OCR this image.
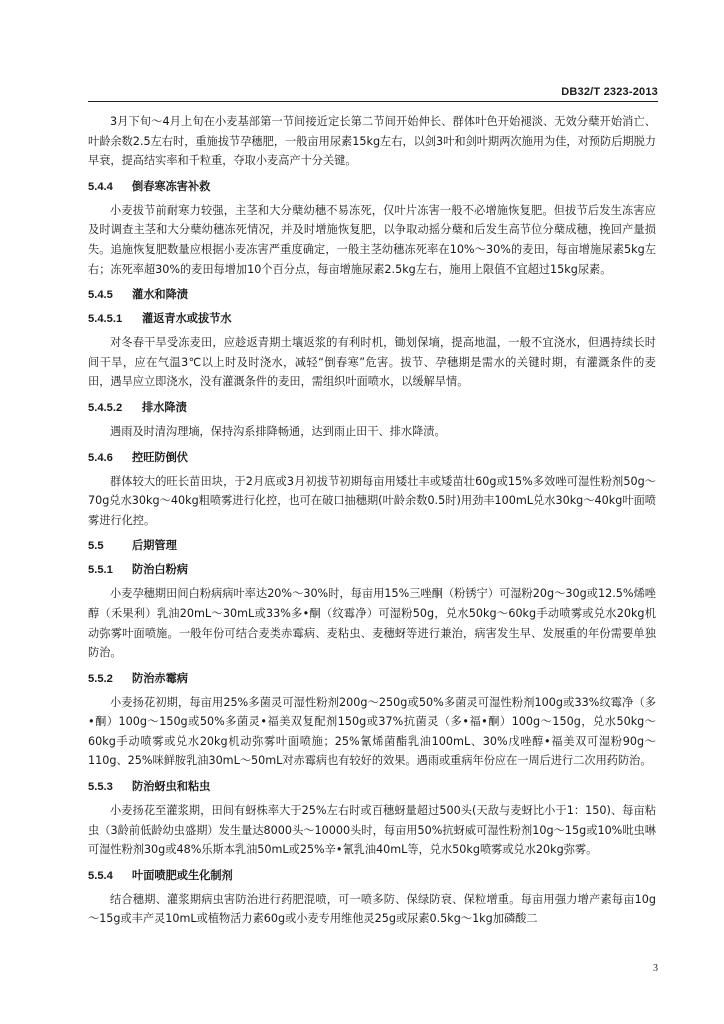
DB32/T 2323-2013

3月下旬～4月上旬在小麦基部第一节间接近定长第二节间开始伸长、群体叶色开始褪淡、无效分蘖开始消亡、叶龄余数2.5左右时，重施拔节孕穗肥，一般亩用尿素15kg左右，以剑3叶和剑叶期两次施用为佳，对预防后期脱力早衰，提高结实率和千粒重，夺取小麦高产十分关键。

5.4.4 倒春寒冻害补救

小麦拔节前耐寒力较强，主茎和大分蘖幼穗不易冻死，仅叶片冻害一般不必增施恢复肥。但拔节后发生冻害应及时调查主茎和大分蘖幼穗冻死情况，并及时增施恢复肥，以争取动摇分蘖和后发生高节位分蘖成穗，挽回产量损失。追施恢复肥数量应根据小麦冻害严重度确定，一般主茎幼穗冻死率在10%～30%的麦田，每亩增施尿素5kg左右；冻死率超30%的麦田每增加10个百分点，每亩增施尿素2.5kg左右，施用上限值不宜超过15kg尿素。

5.4.5 灌水和降渍
5.4.5.1 灌返青水或拔节水

对冬春干旱受冻麦田，应趁返青期土壤返浆的有利时机，锄划保墒，提高地温，一般不宜浇水，但遇持续长时间干旱，应在气温3℃以上时及时浇水，减轻“倒春寒”危害。拔节、孕穗期是需水的关键时期，有灌溉条件的麦田，遇旱应立即浇水，没有灌溉条件的麦田，需组织叶面喷水，以缓解旱情。

5.4.5.2 排水降渍

遇雨及时清沟理墒，保持沟系排降畅通，达到雨止田干、排水降渍。

5.4.6 控旺防倒伏

群体较大的旺长苗田块，于2月底或3月初拔节初期每亩用矮壮丰或矮苗壮60g或15%多效唑可湿性粉剂50g～70g兑水30kg～40kg粗喷雾进行化控，也可在破口抽穗期(叶龄余数0.5时)用劲丰100mL兑水30kg～40kg叶面喷雾进行化控。

5.5	后期管理
5.5.1 防治白粉病

小麦孕穗期田间白粉病病叶率达20%～30%时，每亩用15%三唑酮（粉锈宁）可湿粉20g～30g或12.5%烯唑醇（禾果利）乳油20mL～30mL或33%多•酮（纹霉净）可湿粉50g，兑水50kg～60kg手动喷雾或兑水20kg机动弥雾叶面喷施。一般年份可结合麦类赤霉病、麦粘虫、麦穗蚜等进行兼治，病害发生早、发展重的年份需要单独防治。

5.5.2 防治赤霉病

小麦扬花初期，每亩用25%多菌灵可湿性粉剂200g～250g或50%多菌灵可湿性粉剂100g或33%纹霉净（多•酮）100g～150g或50%多菌灵•福美双复配剂150g或37%抗菌灵（多•福•酮）100g～150g，兑水50kg～60kg手动喷雾或兑水20kg机动弥雾叶面喷施；25%氰烯菌酯乳油100mL、30%戊唑醇•福美双可湿粉90g～110g、25%咪鲜胺乳油30mL～50mL对赤霉病也有较好的效果。遇雨或重病年份应在一周后进行二次用药防治。

5.5.3 防治蚜虫和粘虫

小麦扬花至灌浆期，田间有蚜株率大于25%左右时或百穗蚜量超过500头(天敌与麦蚜比小于1：150)、每亩粘虫（3龄前低龄幼虫盛期）发生量达8000头～10000头时，每亩用50%抗蚜威可湿性粉剂10g～15g或10%吡虫啉可湿性粉剂30g或48%乐斯本乳油50mL或25%辛•氰乳油40mL等，兑水50kg喷雾或兑水20kg弥雾。

5.5.4 叶面喷肥或生化制剂

结合穗期、灌浆期病虫害防治进行药肥混喷，可一喷多防、保绿防衰、保粒增重。每亩用强力增产素每亩10g～15g或丰产灵10mL或植物活力素60g或小麦专用维他灵25g或尿素0.5kg～1kg加磷酸二

3
